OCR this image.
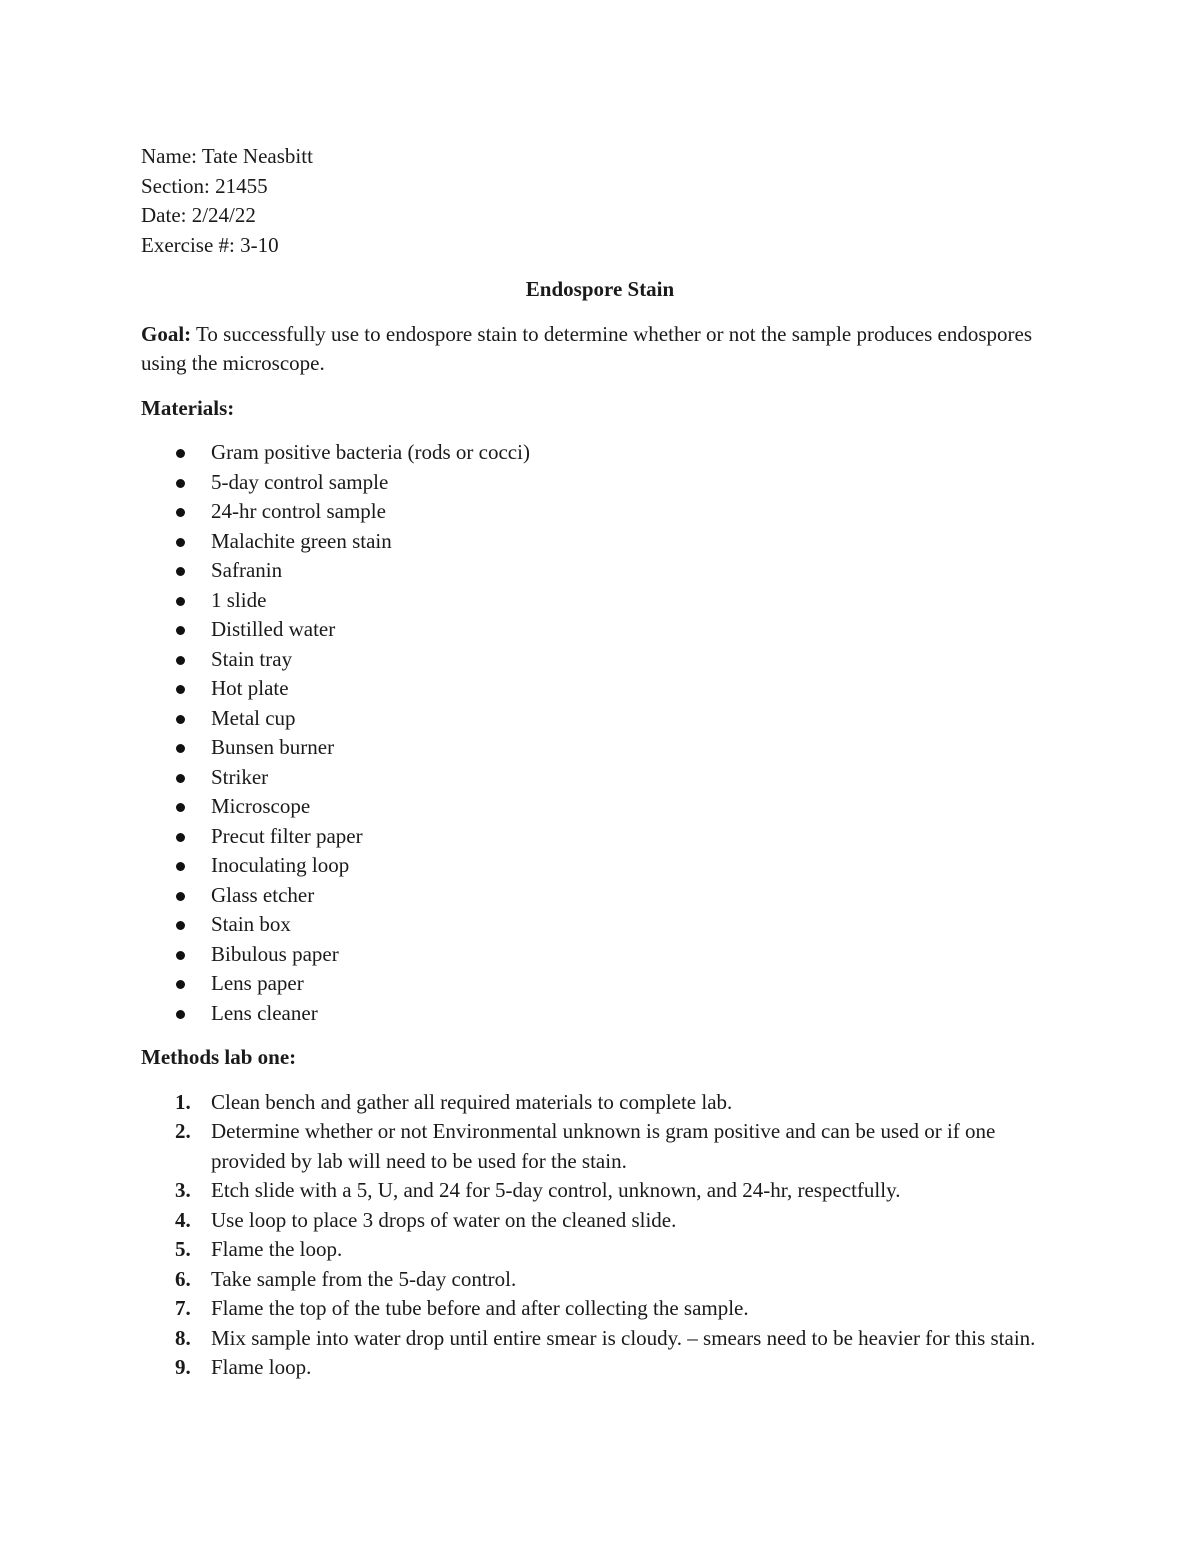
Name: Tate Neasbitt

Section: 21455

Date: 2/24/22

Exercise #: 3-10

Endospore Stain

Goal: To successfully use to endospore stain to determine whether or not the sample produces endospores using the microscope.

Materials:

Gram positive bacteria (rods or cocci)
5-day control sample
24-hr control sample
Malachite green stain
Safranin
1 slide
Distilled water
Stain tray
Hot plate
Metal cup
Bunsen burner
Striker
Microscope
Precut filter paper
Inoculating loop
Glass etcher
Stain box
Bibulous paper
Lens paper
Lens cleaner

Methods lab one:

1. Clean bench and gather all required materials to complete lab.
2. Determine whether or not Environmental unknown is gram positive and can be used or if one provided by lab will need to be used for the stain.
3. Etch slide with a 5, U, and 24 for 5-day control, unknown, and 24-hr, respectfully.
4. Use loop to place 3 drops of water on the cleaned slide.
5. Flame the loop.
6. Take sample from the 5-day control.
7. Flame the top of the tube before and after collecting the sample.
8. Mix sample into water drop until entire smear is cloudy. – smears need to be heavier for this stain.
9. Flame loop.
